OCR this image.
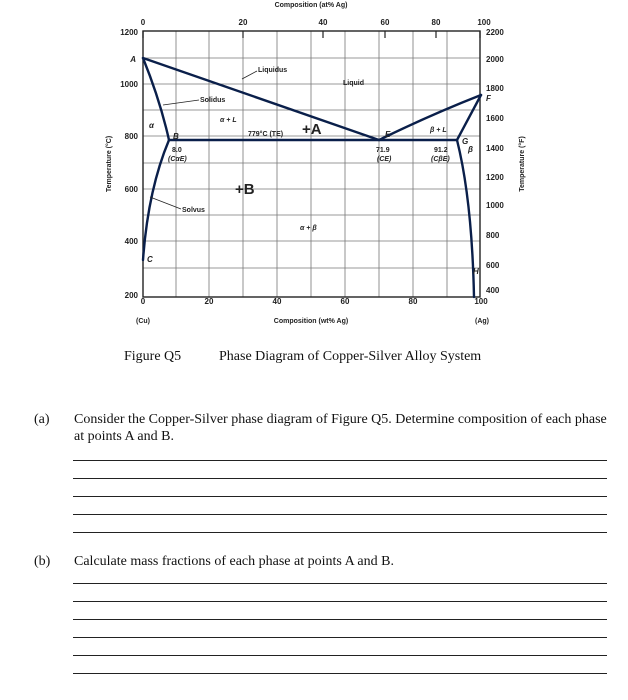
Composition (at% Ag)
0	20	40	60	80	100
0	20	40	60	80	100
Composition (wt% Ag)
(Cu)	(Ag)
1200
1000
800
600
400
200
Temperature (°C)
2200
2000
1800
1600
1400
1200
1000
800
600
400
Temperature (°F)
A
B
C
E
F
G
H
Liquidus
Solidus
Solvus
Liquid
α
β
α + L
β + L
α + β
779°C (TE)
8.0
(CαE)
71.9
(CE)
91.2
(CβE)
+A
+B
Figure Q5	Phase Diagram of Copper-Silver Alloy System
(a) Consider the Copper-Silver phase diagram of Figure Q5. Determine composition of each phase at points A and B.
(b) Calculate mass fractions of each phase at points A and B.
